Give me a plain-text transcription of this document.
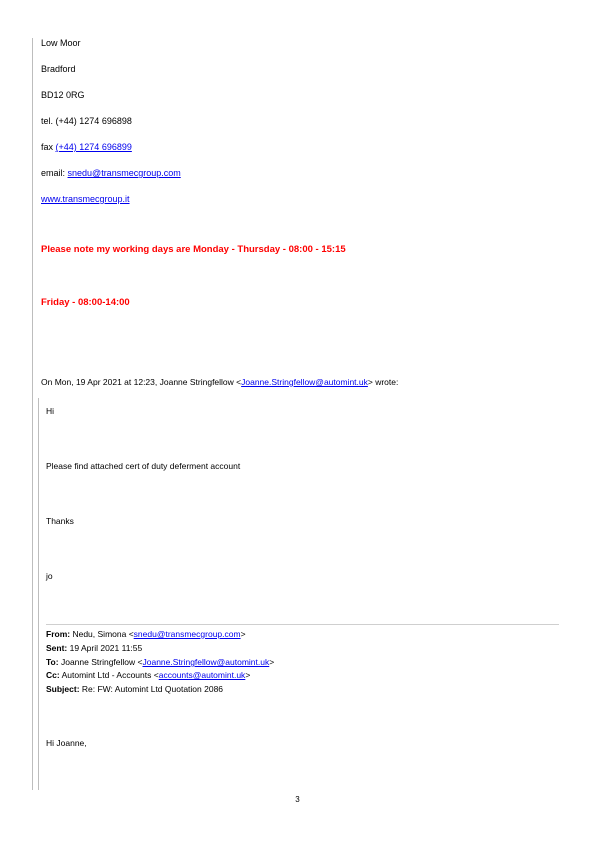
Low Moor
Bradford
BD12 0RG
tel. (+44) 1274 696898
fax (+44) 1274 696899
email: snedu@transmecgroup.com
www.transmecgroup.it
Please note my working days are Monday - Thursday - 08:00 - 15:15
Friday - 08:00-14:00
On Mon, 19 Apr 2021 at 12:23, Joanne Stringfellow <Joanne.Stringfellow@automint.uk> wrote:
Hi
Please find attached cert of duty deferment account
Thanks
jo
From: Nedu, Simona <snedu@transmecgroup.com>
Sent: 19 April 2021 11:55
To: Joanne Stringfellow <Joanne.Stringfellow@automint.uk>
Cc: Automint Ltd - Accounts <accounts@automint.uk>
Subject: Re: FW: Automint Ltd Quotation 2086
Hi Joanne,
3
